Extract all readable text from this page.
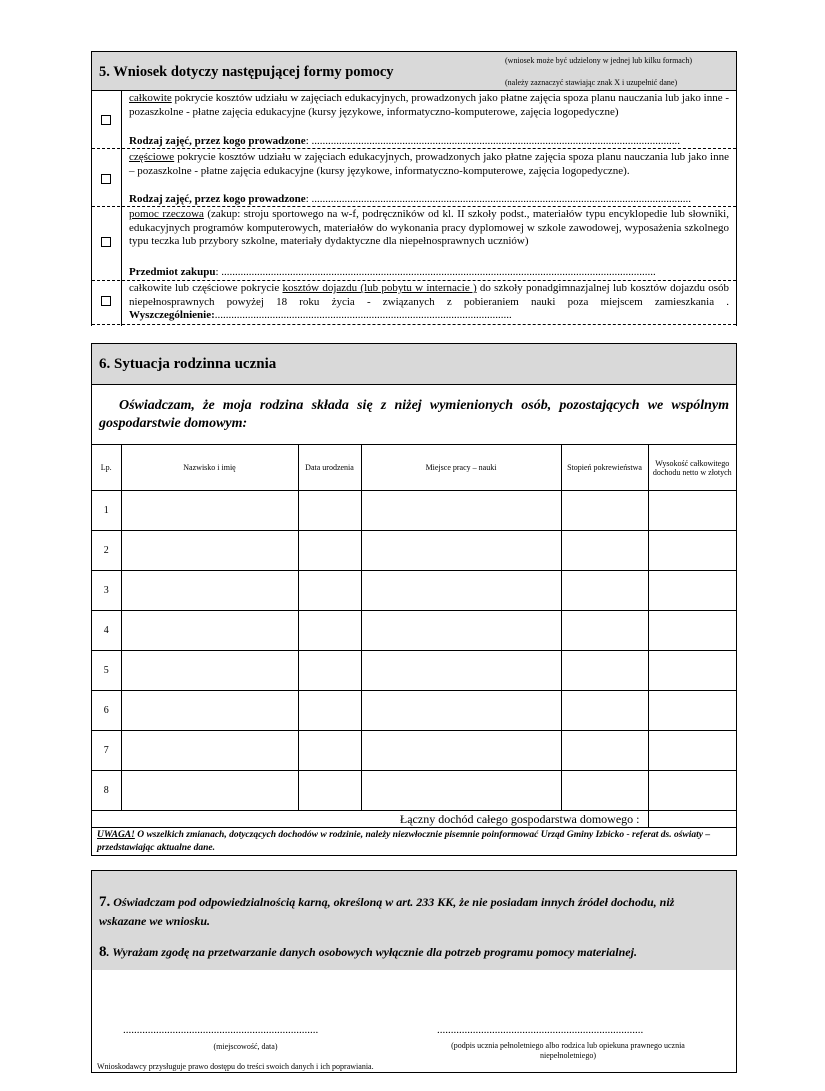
5. Wniosek dotyczy następującej formy pomocy
(wniosek może być udzielony w jednej lub kilku formach)
(należy zaznaczyć stawiając znak X i uzupełnić dane)
całkowite pokrycie kosztów udziału w zajęciach edukacyjnych, prowadzonych jako płatne zajęcia spoza planu nauczania lub jako inne - pozaszkolne - płatne zajęcia edukacyjne (kursy językowe, informatyczno-komputerowe, zajęcia logopedyczne)
Rodzaj zajęć, przez kogo prowadzone: ......................................................................................................................................
częściowe pokrycie kosztów udziału w zajęciach edukacyjnych, prowadzonych jako płatne zajęcia spoza planu nauczania lub jako inne – pozaszkolne - płatne zajęcia edukacyjne (kursy językowe, informatyczno-komputerowe, zajęcia logopedyczne).
Rodzaj zajęć, przez kogo prowadzone: ..........................................................................................................................................
pomoc rzeczowa (zakup: stroju sportowego na w-f, podręczników od kl. II szkoły podst., materiałów typu encyklopedie lub słowniki, edukacyjnych programów komputerowych, materiałów do wykonania pracy dyplomowej w szkole zawodowej, wyposażenia szkolnego typu teczka lub przybory szkolne, materiały dydaktyczne dla niepełnosprawnych uczniów)
Przedmiot zakupu: ..............................................................................................................................................................
całkowite lub częściowe pokrycie kosztów dojazdu (lub pobytu w internacie ) do szkoły ponadgimnazjalnej lub kosztów dojazdu osób niepełnosprawnych powyżej 18 roku życia - związanych z pobieraniem nauki poza miejscem zamieszkania . Wyszczególnienie:............................................................................................................
6. Sytuacja rodzinna ucznia
Oświadczam, że moja rodzina składa się z niżej wymienionych osób, pozostających we wspólnym gospodarstwie domowym:
Lp.	Nazwisko i imię	Data urodzenia	Miejsce pracy – nauki	Stopień pokrewieństwa	Wysokość całkowitego dochodu netto w złotych
1					
2					
3					
4					
5					
6					
7					
8					
Łączny dochód całego gospodarstwa domowego :					
UWAGA! O wszelkich zmianach, dotyczących dochodów w rodzinie, należy niezwłocznie pisemnie poinformować Urząd Gminy Izbicko - referat ds. oświaty – przedstawiając aktualne dane.
7. Oświadczam pod odpowiedzialnością karną, określoną w art. 233 KK, że nie posiadam innych źródeł dochodu, niż wskazane we wniosku.
8. Wyrażam zgodę na przetwarzanie danych osobowych wyłącznie dla potrzeb programu pomocy materialnej.
.......................................................................
(miejscowość, data)
...........................................................................
(podpis ucznia pełnoletniego albo rodzica lub opiekuna prawnego ucznia niepełnoletniego)
Wnioskodawcy przysługuje prawo dostępu do treści swoich danych i ich poprawiania.
